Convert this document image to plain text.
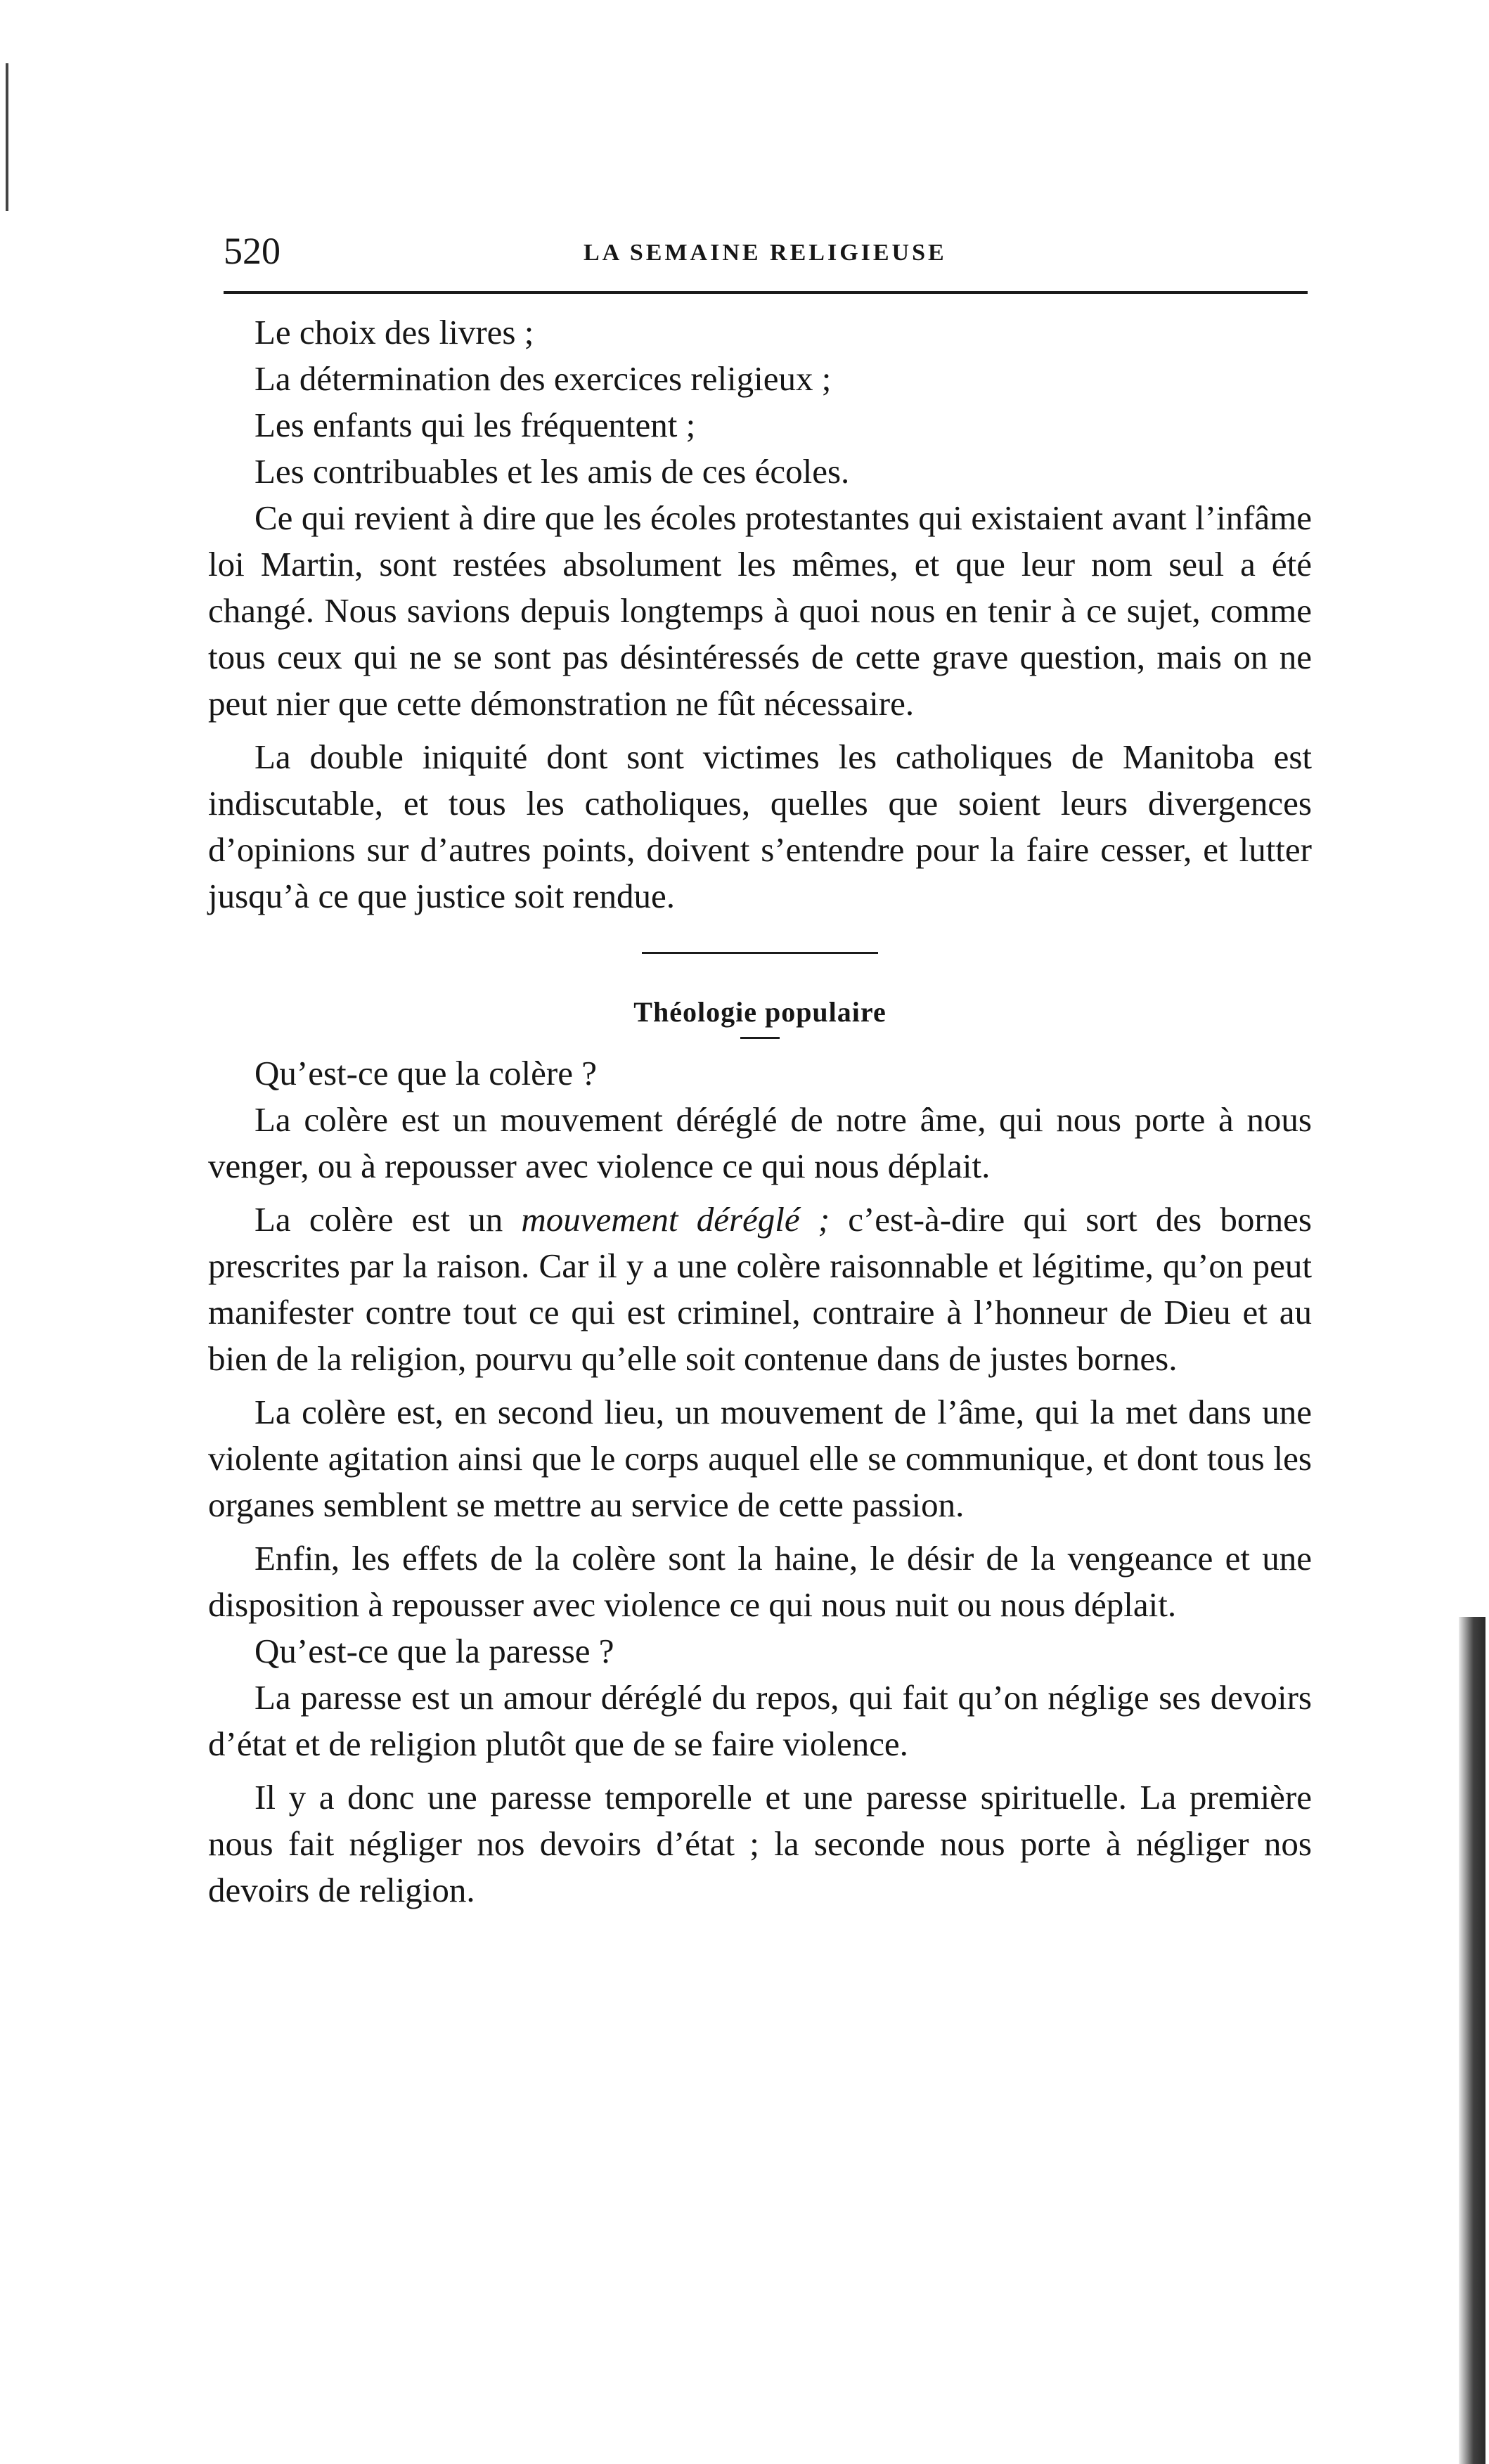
520	LA SEMAINE RELIGIEUSE

Le choix des livres ;

La détermination des exercices religieux ;

Les enfants qui les fréquentent ;

Les contribuables et les amis de ces écoles.

Ce qui revient à dire que les écoles protestantes qui existaient avant l’infâme loi Martin, sont restées absolument les mêmes, et que leur nom seul a été changé. Nous savions depuis longtemps à quoi nous en tenir à ce sujet, comme tous ceux qui ne se sont pas désintéressés de cette grave question, mais on ne peut nier que cette démonstration ne fût nécessaire.

La double iniquité dont sont victimes les catholiques de Manitoba est indiscutable, et tous les catholiques, quelles que soient leurs divergences d’opinions sur d’autres points, doivent s’entendre pour la faire cesser, et lutter jusqu’à ce que justice soit rendue.

Théologie populaire

Qu’est-ce que la colère ?

La colère est un mouvement déréglé de notre âme, qui nous porte à nous venger, ou à repousser avec violence ce qui nous déplait.

La colère est un mouvement déréglé ; c’est-à-dire qui sort des bornes prescrites par la raison. Car il y a une colère raisonnable et légitime, qu’on peut manifester contre tout ce qui est criminel, contraire à l’honneur de Dieu et au bien de la religion, pourvu qu’elle soit contenue dans de justes bornes.

La colère est, en second lieu, un mouvement de l’âme, qui la met dans une violente agitation ainsi que le corps auquel elle se communique, et dont tous les organes semblent se mettre au service de cette passion.

Enfin, les effets de la colère sont la haine, le désir de la vengeance et une disposition à repousser avec violence ce qui nous nuit ou nous déplait.

Qu’est-ce que la paresse ?

La paresse est un amour déréglé du repos, qui fait qu’on néglige ses devoirs d’état et de religion plutôt que de se faire violence.

Il y a donc une paresse temporelle et une paresse spirituelle. La première nous fait négliger nos devoirs d’état ; la seconde nous porte à négliger nos devoirs de religion.
